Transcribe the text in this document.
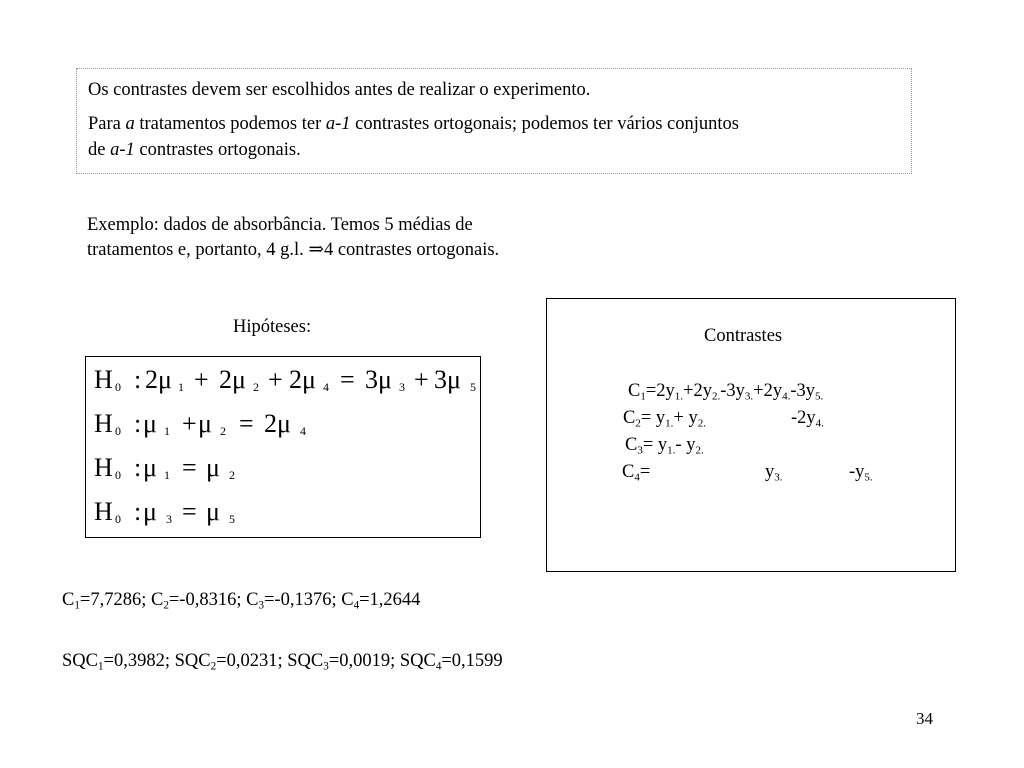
Os contrastes devem ser escolhidos antes de realizar o experimento.

Para a tratamentos podemos ter a-1 contrastes ortogonais; podemos ter vários conjuntos
de a-1 contrastes ortogonais.

Exemplo: dados de absorbância. Temos 5 médias de
tratamentos e, portanto, 4 g.l. ⇒4 contrastes ortogonais.
Hipóteses:
H 0 : 2 μ 1 + 2 μ 2 + 2 μ 4 = 3 μ 3 + 3 μ 5
H 0 : μ 1 + μ 2 = 2 μ 4
H 0 : μ 1 = μ 2
H 0 : μ 3 = μ 5
Contrastes
$C_1=2y_{1.}+2y_{2.}-3y_{3.}+2y_{4.}-3y_{5.}$
$C_2= y_{1.}+ y_{2.}$	$-2y_{4.}$
$C_3= y_{1.}-$ $y_{2.}$
$C_4=$	$y_{3.}$	$-y_{5.}$
$C_1=7,7286$; $C_2=-0,8316$; $C_3=-0,1376$; $C_4=1,2644$
$SQC_1=0,3982$; $SQC_2=0,0231$; $SQC_3=0,0019$; $SQC_4=0,1599$
34
